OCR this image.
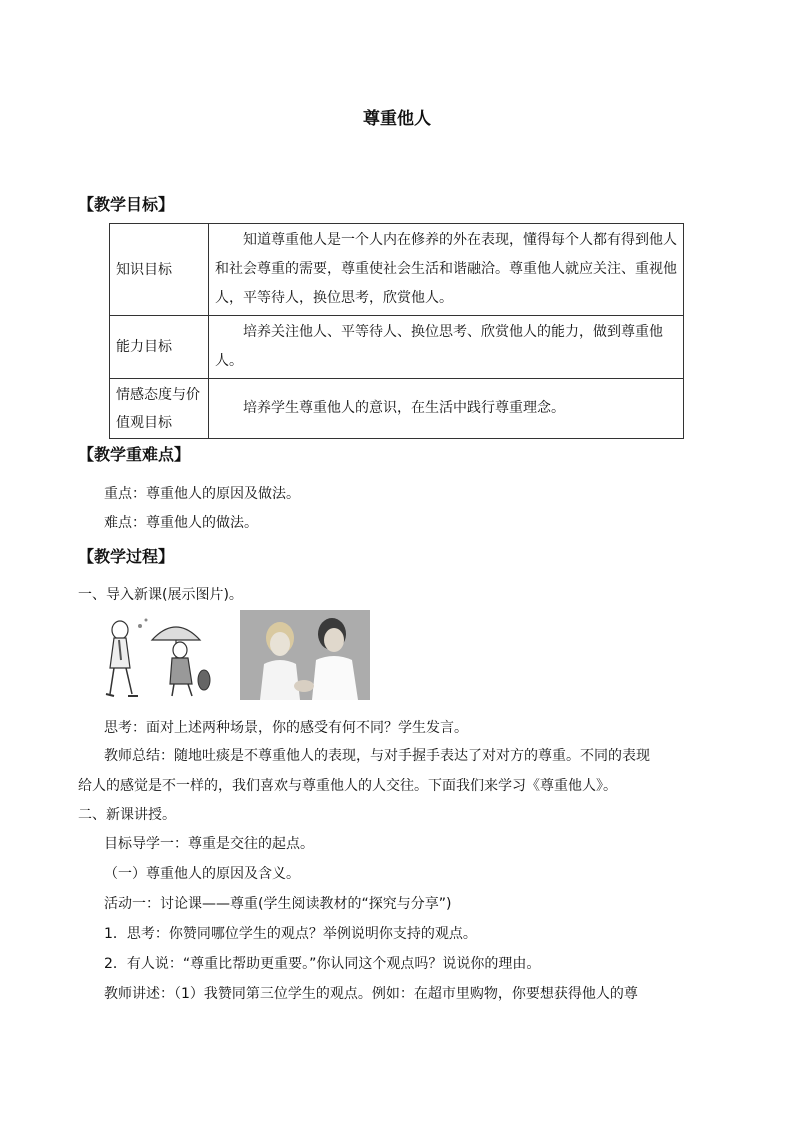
尊重他人
【教学目标】
知识目标	知道尊重他人是一个人内在修养的外在表现，懂得每个人都有得到他人和社会尊重的需要，尊重使社会生活和谐融洽。尊重他人就应关注、重视他人，平等待人，换位思考，欣赏他人。

能力目标	培养关注他人、平等待人、换位思考、欣赏他人的能力，做到尊重他人。

情感态度与价值观目标	培养学生尊重他人的意识，在生活中践行尊重理念。
【教学重难点】
重点：尊重他人的原因及做法。
难点：尊重他人的做法。
【教学过程】
一、导入新课(展示图片)。
思考：面对上述两种场景，你的感受有何不同？学生发言。
教师总结：随地吐痰是不尊重他人的表现，与对手握手表达了对对方的尊重。不同的表现
给人的感觉是不一样的，我们喜欢与尊重他人的人交往。下面我们来学习《尊重他人》。
二、新课讲授。
目标导学一：尊重是交往的起点。
（一）尊重他人的原因及含义。
活动一：讨论课——尊重(学生阅读教材的“探究与分享”)
1．思考：你赞同哪位学生的观点？举例说明你支持的观点。
2．有人说：“尊重比帮助更重要。”你认同这个观点吗？说说你的理由。
教师讲述：（1）我赞同第三位学生的观点。例如：在超市里购物，你要想获得他人的尊
